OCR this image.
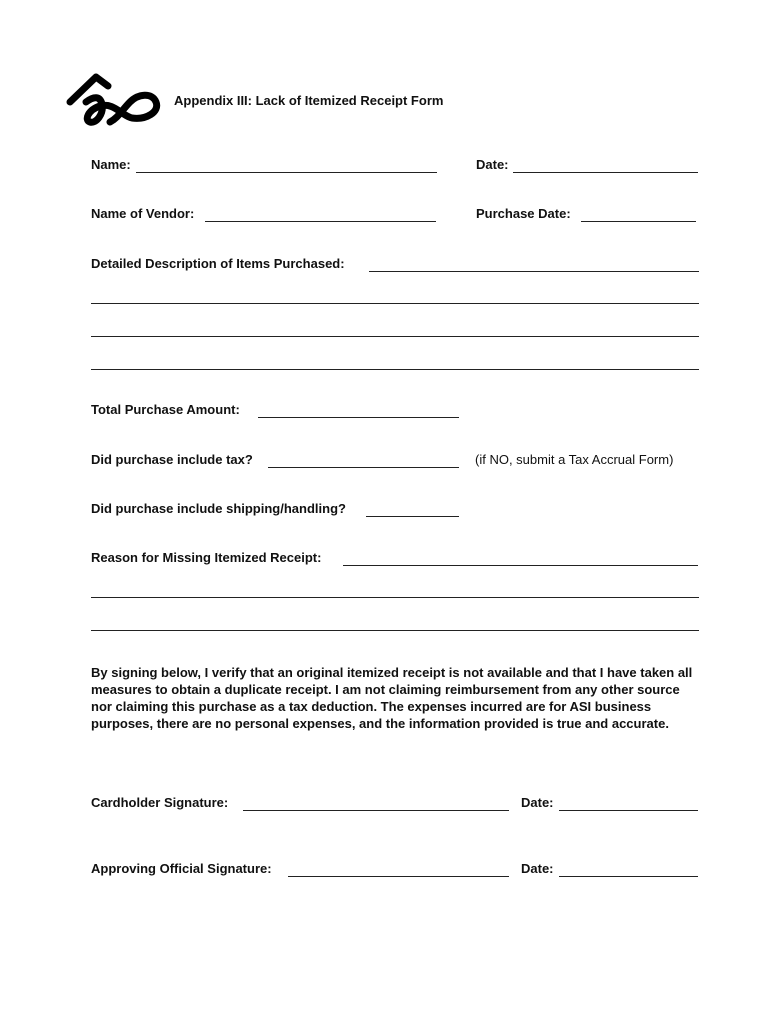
Appendix III: Lack of Itemized Receipt Form
Name:	Date:
Name of Vendor:	Purchase Date:
Detailed Description of Items Purchased:
Total Purchase Amount:
Did purchase include tax?	(if NO, submit a Tax Accrual Form)
Did purchase include shipping/handling?
Reason for Missing Itemized Receipt:
By signing below, I verify that an original itemized receipt is not available and that I have taken all measures to obtain a duplicate receipt. I am not claiming reimbursement from any other source nor claiming this purchase as a tax deduction. The expenses incurred are for ASI business purposes, there are no personal expenses, and the information provided is true and accurate.
Cardholder Signature:	Date:
Approving Official Signature:	Date:
